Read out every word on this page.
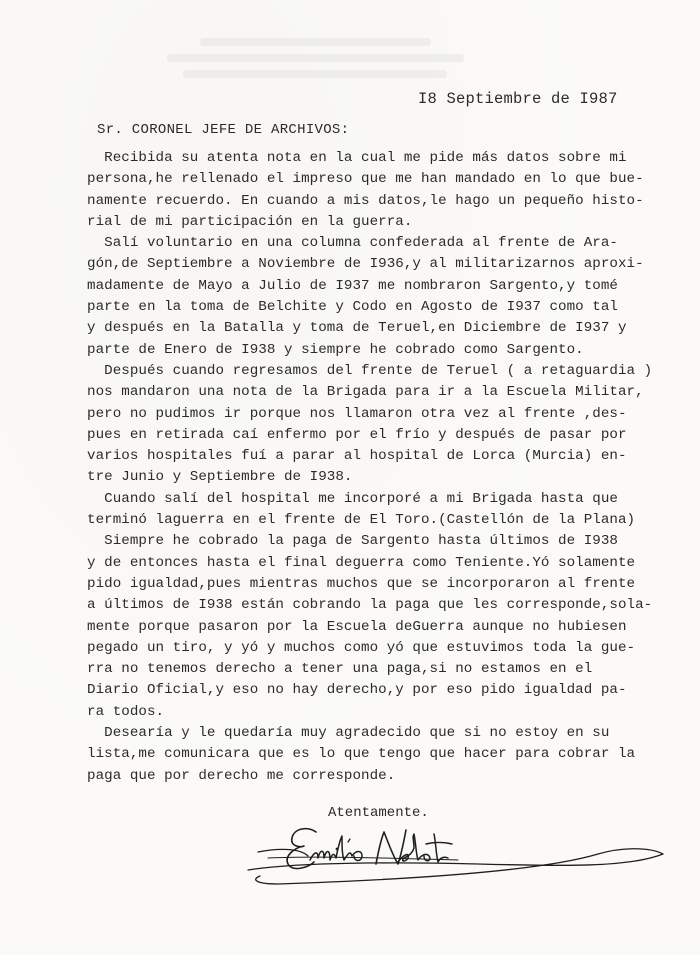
I8 Septiembre de I987
Sr. CORONEL JEFE DE ARCHIVOS:
Recibida su atenta nota en la cual me pide más datos sobre mi
persona,he rellenado el impreso que me han mandado en lo que bue-
namente recuerdo. En cuando a mis datos,le hago un pequeño histo-
rial de mi participación en la guerra.
Salí voluntario en una columna confederada al frente de Ara-
gón,de Septiembre a Noviembre de I936,y al militarizarnos aproxi-
madamente de Mayo a Julio de I937 me nombraron Sargento,y tomé
parte en la toma de Belchite y Codo en Agosto de I937 como tal
y después en la Batalla y toma de Teruel,en Diciembre de I937 y
parte de Enero de I938 y siempre he cobrado como Sargento.
Después cuando regresamos del frente de Teruel ( a retaguardia )
nos mandaron una nota de la Brigada para ir a la Escuela Militar,
pero no pudimos ir porque nos llamaron otra vez al frente ,des-
pues en retirada caí enfermo por el frío y después de pasar por
varios hospitales fuí a parar al hospital de Lorca (Murcia) en-
tre Junio y Septiembre de I938.
Cuando salí del hospital me incorporé a mi Brigada hasta que
terminó laguerra en el frente de El Toro.(Castellón de la Plana)
Siempre he cobrado la paga de Sargento hasta últimos de I938
y de entonces hasta el final deguerra como Teniente.Yó solamente
pido igualdad,pues mientras muchos que se incorporaron al frente
a últimos de I938 están cobrando la paga que les corresponde,sola-
mente porque pasaron por la Escuela deGuerra aunque no hubiesen
pegado un tiro, y yó y muchos como yó que estuvimos toda la gue-
rra no tenemos derecho a tener una paga,si no estamos en el
Diario Oficial,y eso no hay derecho,y por eso pido igualdad pa-
ra todos.
Desearía y le quedaría muy agradecido que si no estoy en su
lista,me comunicara que es lo que tengo que hacer para cobrar la
paga que por derecho me corresponde.
Atentamente.
